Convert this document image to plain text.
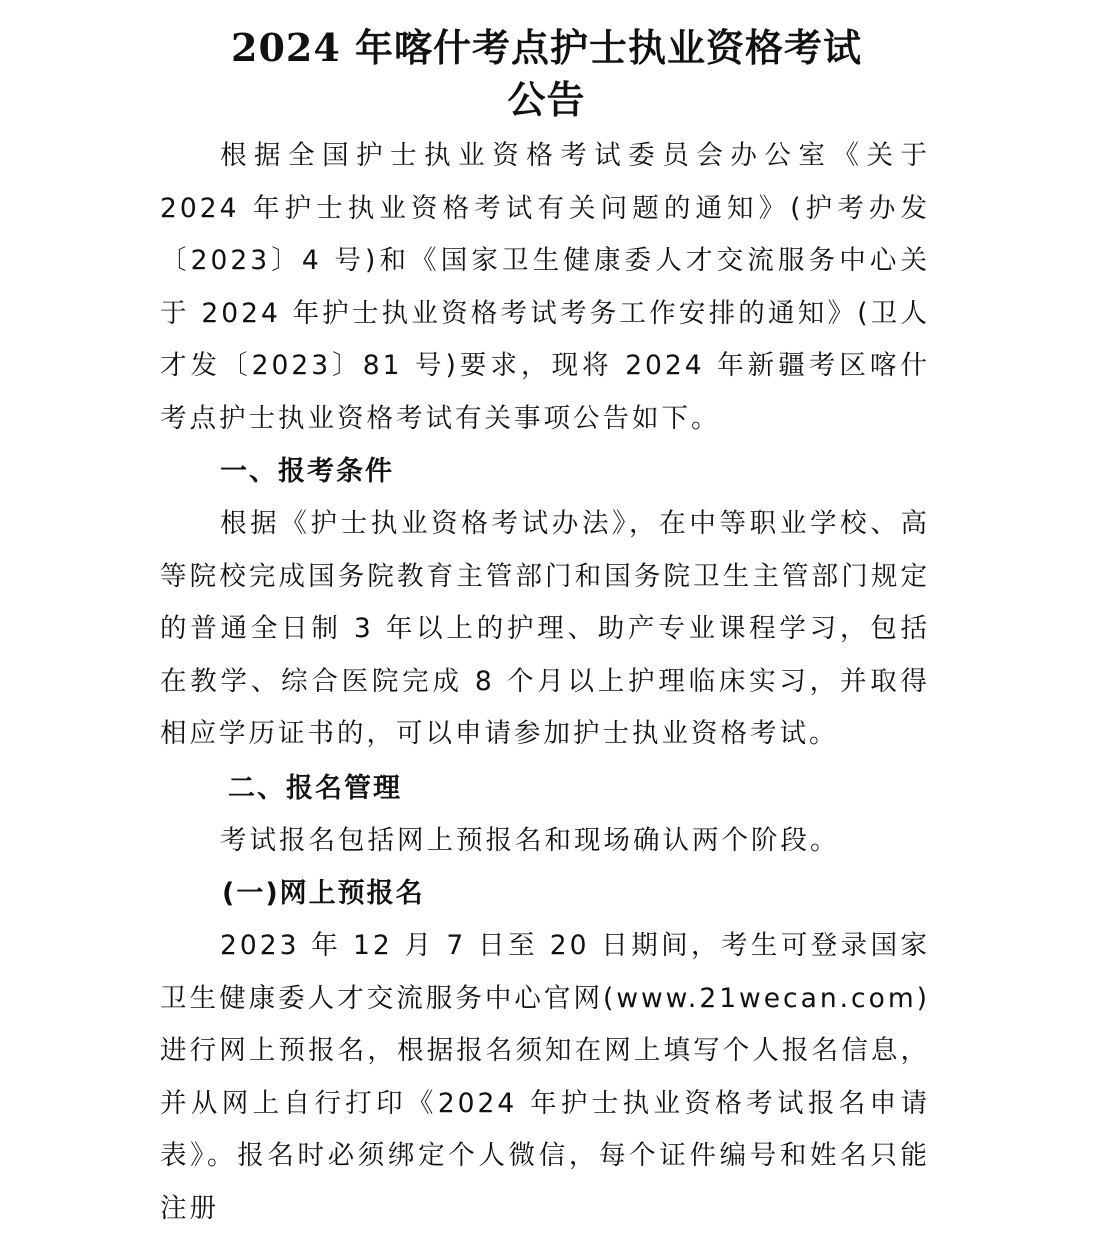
2024 年喀什考点护士执业资格考试
公告

根据全国护士执业资格考试委员会办公室《关于 2024 年护士执业资格考试有关问题的通知》(护考办发〔2023〕4 号)和《国家卫生健康委人才交流服务中心关于 2024 年护士执业资格考试考务工作安排的通知》(卫人才发〔2023〕81 号)要求，现将 2024 年新疆考区喀什考点护士执业资格考试有关事项公告如下。

一、报考条件

根据《护士执业资格考试办法》，在中等职业学校、高等院校完成国务院教育主管部门和国务院卫生主管部门规定的普通全日制 3 年以上的护理、助产专业课程学习，包括在教学、综合医院完成 8 个月以上护理临床实习，并取得相应学历证书的，可以申请参加护士执业资格考试。

二、报名管理

考试报名包括网上预报名和现场确认两个阶段。

(一)网上预报名

2023 年 12 月 7 日至 20 日期间，考生可登录国家卫生健康委人才交流服务中心官网(www.21wecan.com)进行网上预报名，根据报名须知在网上填写个人报名信息，并从网上自行打印《2024 年护士执业资格考试报名申请表》。报名时必须绑定个人微信，每个证件编号和姓名只能注册
